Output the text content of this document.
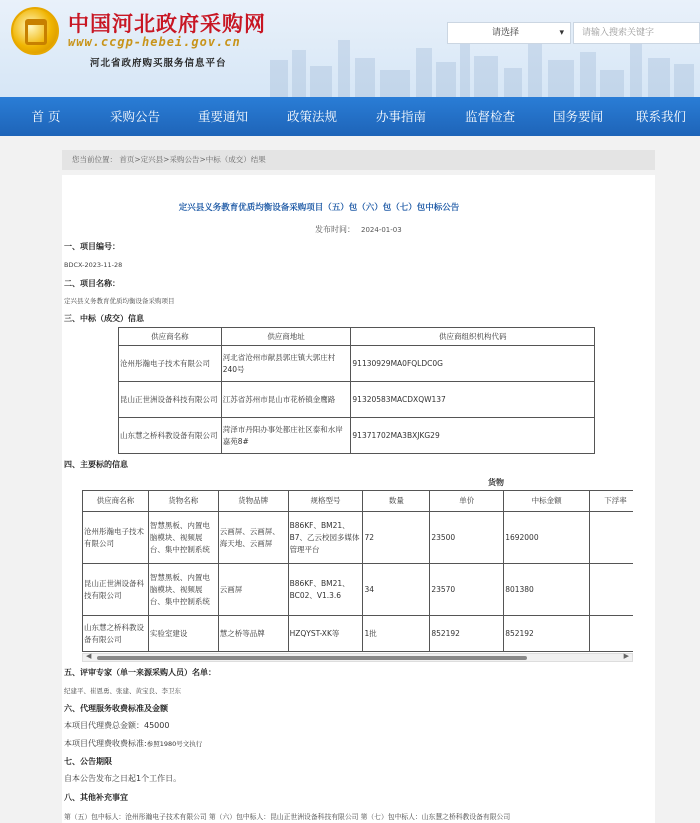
中国河北政府采购网
www.ccgp-hebei.gov.cn
河北省政府购买服务信息平台
请选择	▾	请输入搜索关键字
首 页	采购公告	重要通知	政策法规	办事指南	监督检查	国务要闻	联系我们
您当前位置： 首页>定兴县>采购公告>中标（成交）结果
定兴县义务教育优质均衡设备采购项目（五）包（六）包（七）包中标公告
发布时间： 2024-01-03
一、项目编号：
BDCX-2023-11-28
二、项目名称：
定兴县义务教育优质均衡设备采购项目
三、中标（成交）信息
供应商名称	供应商地址	供应商组织机构代码
沧州彤瀚电子技术有限公司	河北省沧州市献县郭庄镇大郭庄村240号	91130929MA0FQLDC0G
昆山正世洲设备科技有限公司	江苏省苏州市昆山市花桥镇金鹰路	91320583MACDXQW137
山东慧之桥科教设备有限公司	菏泽市丹阳办事处都庄社区泰和水岸嘉苑8#	91371702MA3BXJKG29
四、主要标的信息
货物
供应商名称	货物名称	货物品牌	规格型号	数量	单价	中标金额	下浮率
沧州彤瀚电子技术有限公司	智慧黑板、内置电脑模块、视频展台、集中控制系统	云画屏、云画屏、海天地、云画屏	B86KF、BM21、B7、乙云校园多媒体管理平台	72	23500	1692000	
昆山正世洲设备科技有限公司	智慧黑板、内置电脑模块、视频展台、集中控制系统	云画屏	B86KF、BM21、BC02、V1.3.6	34	23570	801380	
山东慧之桥科教设备有限公司	实验室建设	慧之桥等品牌	HZQYST-XK等	1批	852192	852192	
◀	▶
五、评审专家（单一来源采购人员）名单：
纪建平、崔恩勇、张建、黄宝良、李卫东
六、代理服务收费标准及金额
本项目代理费总金额：45000
本项目代理费收费标准:参照1980号文执行
七、公告期限
自本公告发布之日起1个工作日。
八、其他补充事宜
第（五）包中标人：沧州彤瀚电子技术有限公司 第（六）包中标人：昆山正世洲设备科技有限公司 第（七）包中标人：山东慧之桥科教设备有限公司
